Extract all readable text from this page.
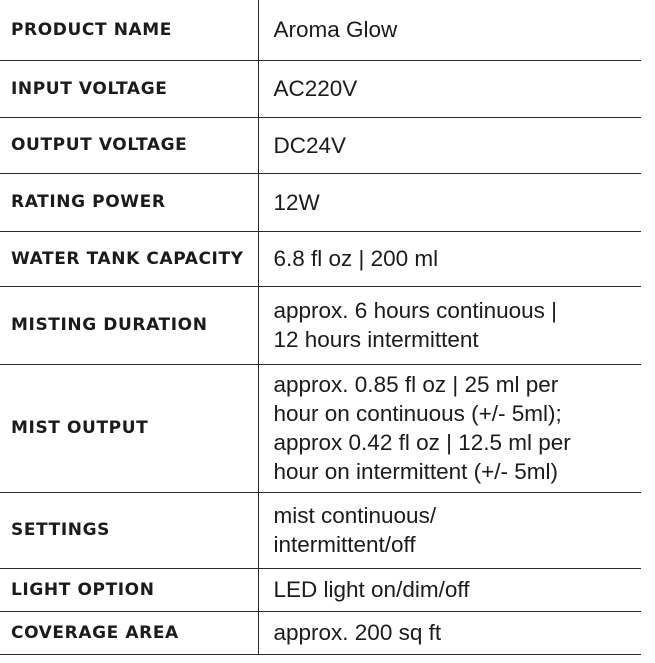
PRODUCT NAME	Aroma Glow

INPUT VOLTAGE	AC220V

OUTPUT VOLTAGE	DC24V

RATING POWER	12W

WATER TANK CAPACITY	6.8 fl oz | 200 ml

MISTING DURATION	approx. 6 hours continuous |
12 hours intermittent

MIST OUTPUT	approx. 0.85 fl oz | 25 ml per
hour on continuous (+/- 5ml);
approx 0.42 fl oz | 12.5 ml per
hour on intermittent (+/- 5ml)

SETTINGS	mist continuous/
intermittent/off

LIGHT OPTION	LED light on/dim/off

COVERAGE AREA	approx. 200 sq ft
